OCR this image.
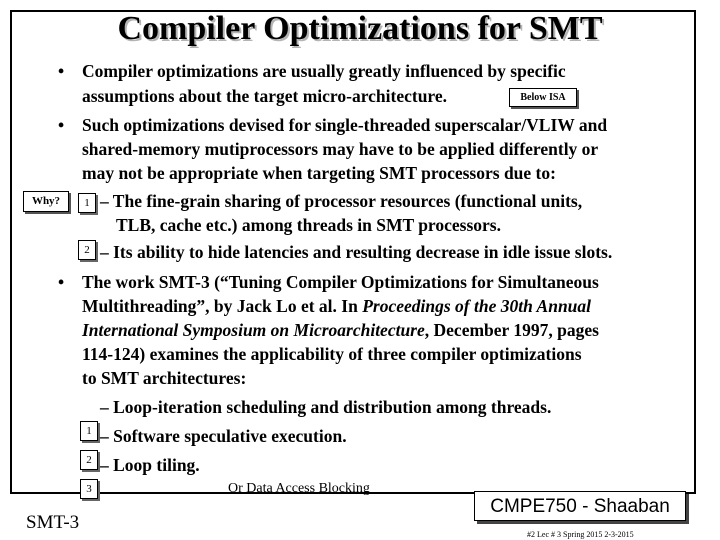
Compiler Optimizations for SMT
• Compiler optimizations are usually greatly influenced by specific
assumptions about the target micro-architecture.	Below ISA
• Such optimizations devised for single-threaded superscalar/VLIW and
shared-memory mutiprocessors may have to be applied differently or
may not be appropriate when targeting SMT processors due to:
Why?	1 – The fine-grain sharing of processor resources (functional units,
TLB, cache etc.) among threads in SMT processors.
2 – Its ability to hide latencies and resulting decrease in idle issue slots.
• The work SMT-3 (“Tuning Compiler Optimizations for Simultaneous
Multithreading”, by Jack Lo et al. In Proceedings of the 30th Annual
International Symposium on Microarchitecture, December 1997, pages
114-124) examines the applicability of three compiler optimizations
to SMT architectures:
– Loop-iteration scheduling and distribution among threads.
1 – Software speculative execution.
2 – Loop tiling.
3	Or Data Access Blocking
CMPE750 - Shaaban
SMT-3
#2 Lec # 3 Spring 2015 2-3-2015
